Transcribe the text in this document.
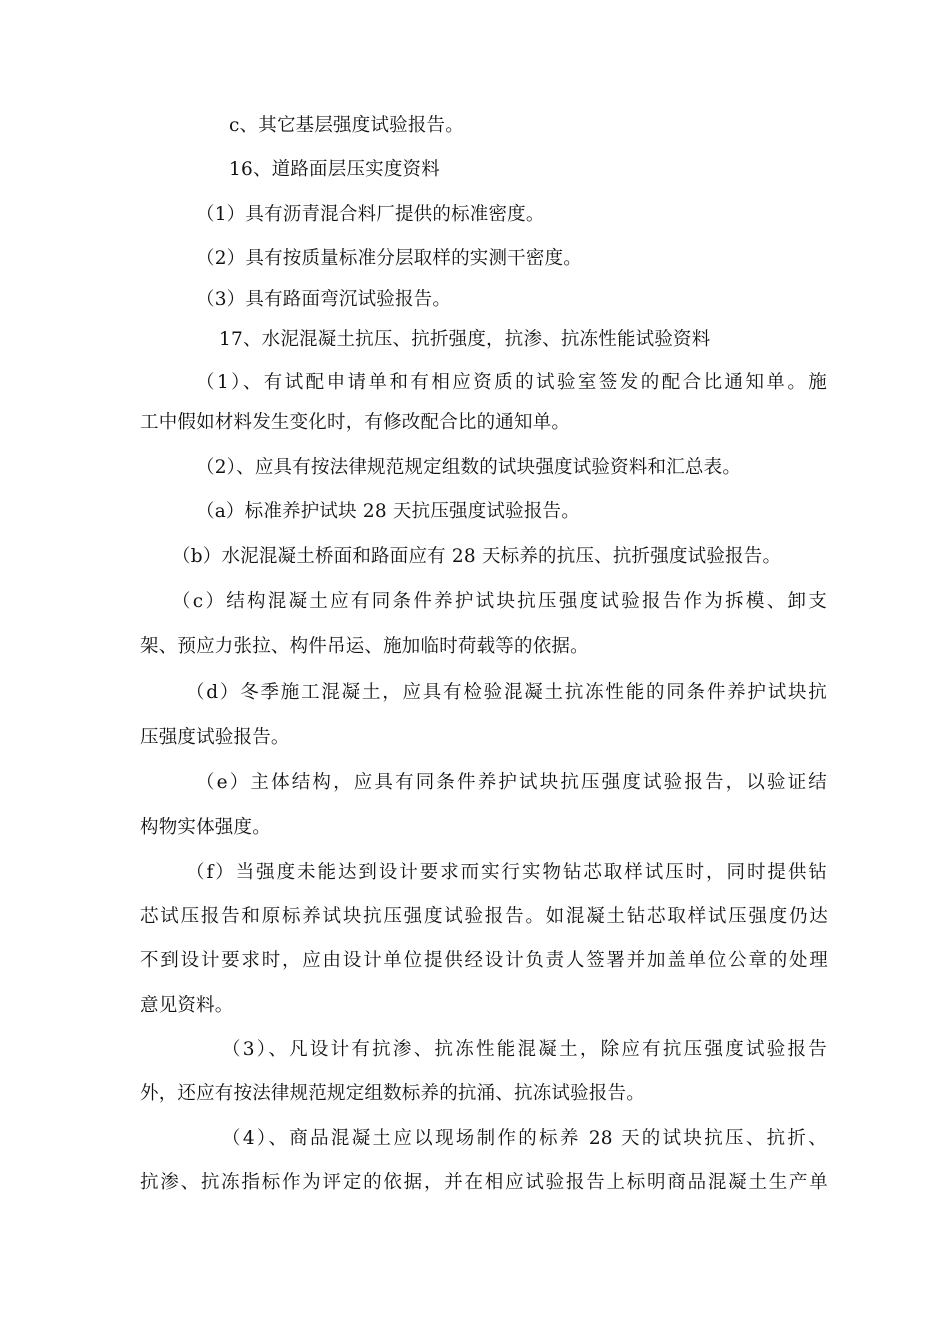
c、其它基层强度试验报告。
16、道路面层压实度资料
（1）具有沥青混合料厂提供的标准密度。
（2）具有按质量标准分层取样的实测干密度。
（3）具有路面弯沉试验报告。
17、水泥混凝土抗压、抗折强度，抗渗、抗冻性能试验资料
（1）、有试配申请单和有相应资质的试验室签发的配合比通知单。施
工中假如材料发生变化时，有修改配合比的通知单。
（2）、应具有按法律规范规定组数的试块强度试验资料和汇总表。
（a）标准养护试块 28 天抗压强度试验报告。
（b）水泥混凝土桥面和路面应有 28 天标养的抗压、抗折强度试验报告。
（c）结构混凝土应有同条件养护试块抗压强度试验报告作为拆模、卸支
架、预应力张拉、构件吊运、施加临时荷载等的依据。
（d）冬季施工混凝土，应具有检验混凝土抗冻性能的同条件养护试块抗
压强度试验报告。
（e）主体结构，应具有同条件养护试块抗压强度试验报告，以验证结
构物实体强度。
（f）当强度未能达到设计要求而实行实物钻芯取样试压时，同时提供钻
芯试压报告和原标养试块抗压强度试验报告。如混凝土钻芯取样试压强度仍达
不到设计要求时，应由设计单位提供经设计负责人签署并加盖单位公章的处理
意见资料。
（3）、凡设计有抗渗、抗冻性能混凝土，除应有抗压强度试验报告
外，还应有按法律规范规定组数标养的抗涌、抗冻试验报告。
（4）、商品混凝土应以现场制作的标养 28 天的试块抗压、抗折、
抗渗、抗冻指标作为评定的依据，并在相应试验报告上标明商品混凝土生产单
